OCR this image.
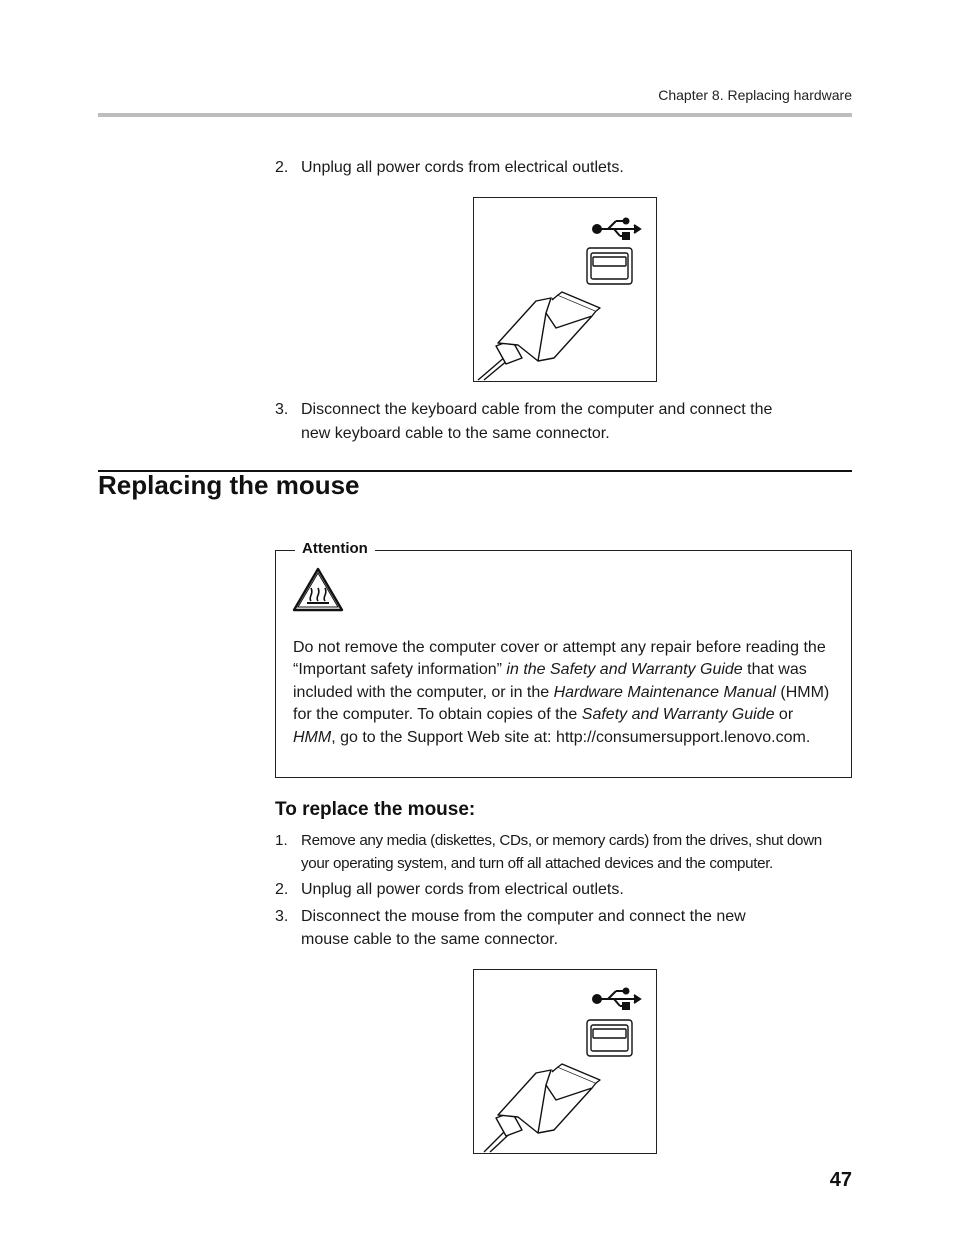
Chapter 8. Replacing hardware
2. Unplug all power cords from electrical outlets.
3. Disconnect the keyboard cable from the computer and connect the
new keyboard cable to the same connector.
Replacing the mouse
Attention
Do not remove the computer cover or attempt any repair before reading the “Important safety information” in the Safety and Warranty Guide that was included with the computer, or in the Hardware Maintenance Manual (HMM) for the computer. To obtain copies of the Safety and Warranty Guide or HMM, go to the Support Web site at: http://consumersupport.lenovo.com.
To replace the mouse:
1. Remove any media (diskettes, CDs, or memory cards) from the drives, shut down
your operating system, and turn off all attached devices and the computer.
2. Unplug all power cords from electrical outlets.
3. Disconnect the mouse from the computer and connect the new
mouse cable to the same connector.
47
